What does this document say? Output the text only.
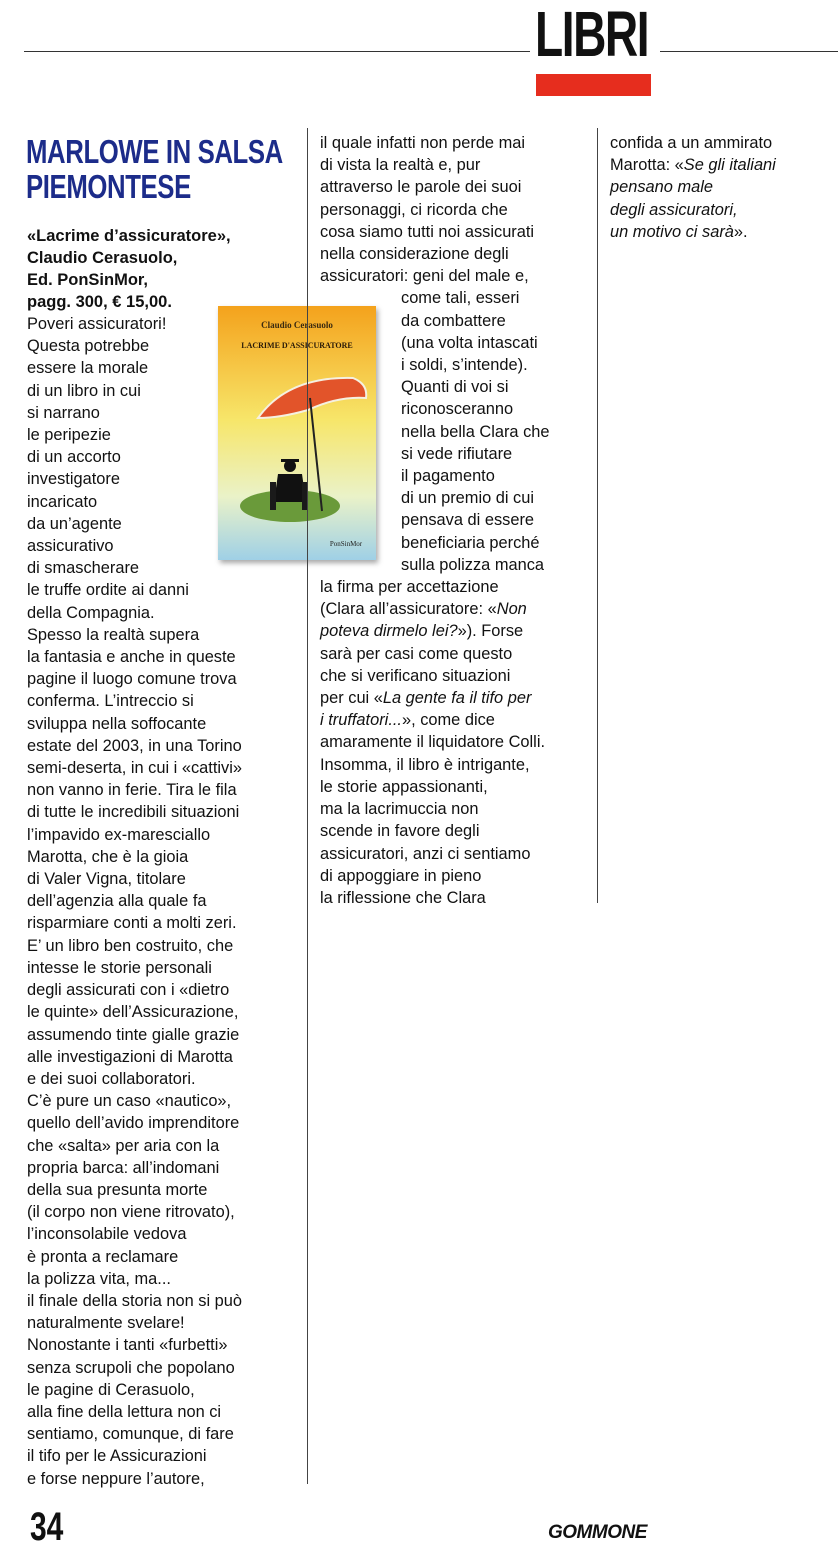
LIBRI
MARLOWE IN SALSA
PIEMONTESE
«Lacrime d’assicuratore»,
Claudio Cerasuolo,
Ed. PonSinMor,
pagg. 300, € 15,00.
Poveri assicuratori!
Questa potrebbe
essere la morale
di un libro in cui
si narrano
le peripezie
di un accorto
investigatore
incaricato
da un’agente
assicurativo
di smascherare
le truffe ordite ai danni
della Compagnia.
Spesso la realtà supera
la fantasia e anche in queste
pagine il luogo comune trova
conferma. L’intreccio si
sviluppa nella soffocante
estate del 2003, in una Torino
semi-deserta, in cui i «cattivi»
non vanno in ferie. Tira le fila
di tutte le incredibili situazioni
l’impavido ex-maresciallo
Marotta, che è la gioia
di Valer Vigna, titolare
dell’agenzia alla quale fa
risparmiare conti a molti zeri.
E’ un libro ben costruito, che
intesse le storie personali
degli assicurati con i «dietro
le quinte» dell’Assicurazione,
assumendo tinte gialle grazie
alle investigazioni di Marotta
e dei suoi collaboratori.
C’è pure un caso «nautico»,
quello dell’avido imprenditore
che «salta» per aria con la
propria barca: all’indomani
della sua presunta morte
(il corpo non viene ritrovato),
l’inconsolabile vedova
è pronta a reclamare
la polizza vita, ma...
il finale della storia non si può
naturalmente svelare!
Nonostante i tanti «furbetti»
senza scrupoli che popolano
le pagine di Cerasuolo,
alla fine della lettura non ci
sentiamo, comunque, di fare
il tifo per le Assicurazioni
e forse neppure l’autore,
Claudio Cerasuolo
LACRIME D'ASSICURATORE
PonSinMor
il quale infatti non perde mai
di vista la realtà e, pur
attraverso le parole dei suoi
personaggi, ci ricorda che
cosa siamo tutti noi assicurati
nella considerazione degli
assicuratori: geni del male e,
come tali, esseri
da combattere
(una volta intascati
i soldi, s’intende).
Quanti di voi si
riconosceranno
nella bella Clara che
si vede rifiutare
il pagamento
di un premio di cui
pensava di essere
beneficiaria perché
sulla polizza manca
la firma per accettazione
(Clara all’assicuratore: «Non
poteva dirmelo lei?»). Forse
sarà per casi come questo
che si verificano situazioni
per cui «La gente fa il tifo per
i truffatori...», come dice
amaramente il liquidatore Colli.
Insomma, il libro è intrigante,
le storie appassionanti,
ma la lacrimuccia non
scende in favore degli
assicuratori, anzi ci sentiamo
di appoggiare in pieno
la riflessione che Clara
confida a un ammirato
Marotta: «Se gli italiani
pensano male
degli assicuratori,
un motivo ci sarà».
34	GOMMONE
